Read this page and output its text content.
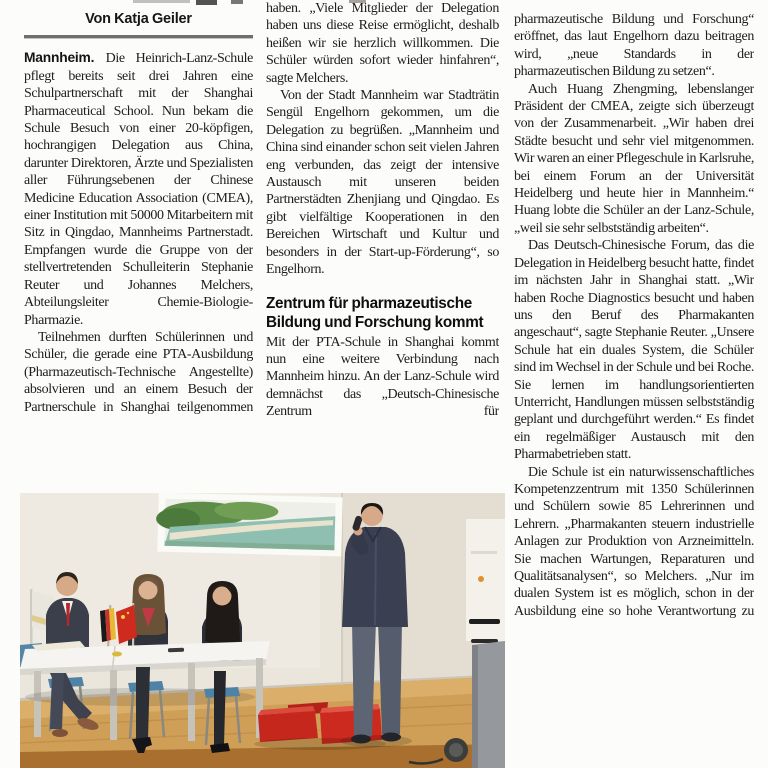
Von Katja Geiler

Mannheim. Die Heinrich-Lanz-Schule pflegt bereits seit drei Jahren eine Schulpartnerschaft mit der Shanghai Pharmaceutical School. Nun bekam die Schule Besuch von einer 20-köpfigen, hochrangigen Delegation aus China, darunter Direktoren, Ärzte und Spezialisten aller Führungsebenen der Chinese Medicine Education Association (CMEA), einer Institution mit 50000 Mitarbeitern mit Sitz in Qingdao, Mannheims Partnerstadt. Empfangen wurde die Gruppe von der stellvertretenden Schulleiterin Stephanie Reuter und Johannes Melchers, Abteilungsleiter Chemie-Biologie-Pharmazie.

Teilnehmen durften Schülerinnen und Schüler, die gerade eine PTA-Ausbildung (Pharmazeutisch-Technische Angestellte) absolvieren und an einem Besuch der Partnerschule in Shanghai teilgenommen

haben. „Viele Mitglieder der Delegation haben uns diese Reise ermöglicht, deshalb heißen wir sie herzlich willkommen. Die Schüler würden sofort wieder hinfahren“, sagte Melchers.

Von der Stadt Mannheim war Stadträtin Sengül Engelhorn gekommen, um die Delegation zu begrüßen. „Mannheim und China sind einander schon seit vielen Jahren eng verbunden, das zeigt der intensive Austausch mit unseren beiden Partnerstädten Zhenjiang und Qingdao. Es gibt vielfältige Kooperationen in den Bereichen Wirtschaft und Kultur und besonders in der Start-up-Förderung“, so Engelhorn.

Zentrum für pharmazeutische Bildung und Forschung kommt

Mit der PTA-Schule in Shanghai kommt nun eine weitere Verbindung nach Mannheim hinzu. An der Lanz-Schule wird demnächst das „Deutsch-Chinesische Zentrum für

pharmazeutische Bildung und Forschung“ eröffnet, das laut Engelhorn dazu beitragen wird, „neue Standards in der pharmazeutischen Bildung zu setzen“.

Auch Huang Zhengming, lebenslanger Präsident der CMEA, zeigte sich überzeugt von der Zusammenarbeit. „Wir haben drei Städte besucht und sehr viel mitgenommen. Wir waren an einer Pflegeschule in Karlsruhe, bei einem Forum an der Universität Heidelberg und heute hier in Mannheim.“ Huang lobte die Schüler an der Lanz-Schule, „weil sie sehr selbstständig arbeiten“.

Das Deutsch-Chinesische Forum, das die Delegation in Heidelberg besucht hatte, findet im nächsten Jahr in Shanghai statt. „Wir haben Roche Diagnostics besucht und haben uns den Beruf des Pharmakanten angeschaut“, sagte Stephanie Reuter. „Unsere Schule hat ein duales System, die Schüler sind im Wechsel in der Schule und bei Roche. Sie lernen im handlungsorientierten Unterricht, Handlungen müssen selbstständig geplant und durchgeführt werden.“ Es findet ein regelmäßiger Austausch mit den Pharmabetrieben statt.

Die Schule ist ein naturwissenschaftliches Kompetenzzentrum mit 1350 Schülerinnen und Schülern sowie 85 Lehrerinnen und Lehrern. „Pharmakanten steuern industrielle Anlagen zur Produktion von Arzneimitteln. Sie machen Wartungen, Reparaturen und Qualitätsanalysen“, so Melchers. „Nur im dualen System ist es möglich, schon in der Ausbildung eine so hohe Verantwortung zu
